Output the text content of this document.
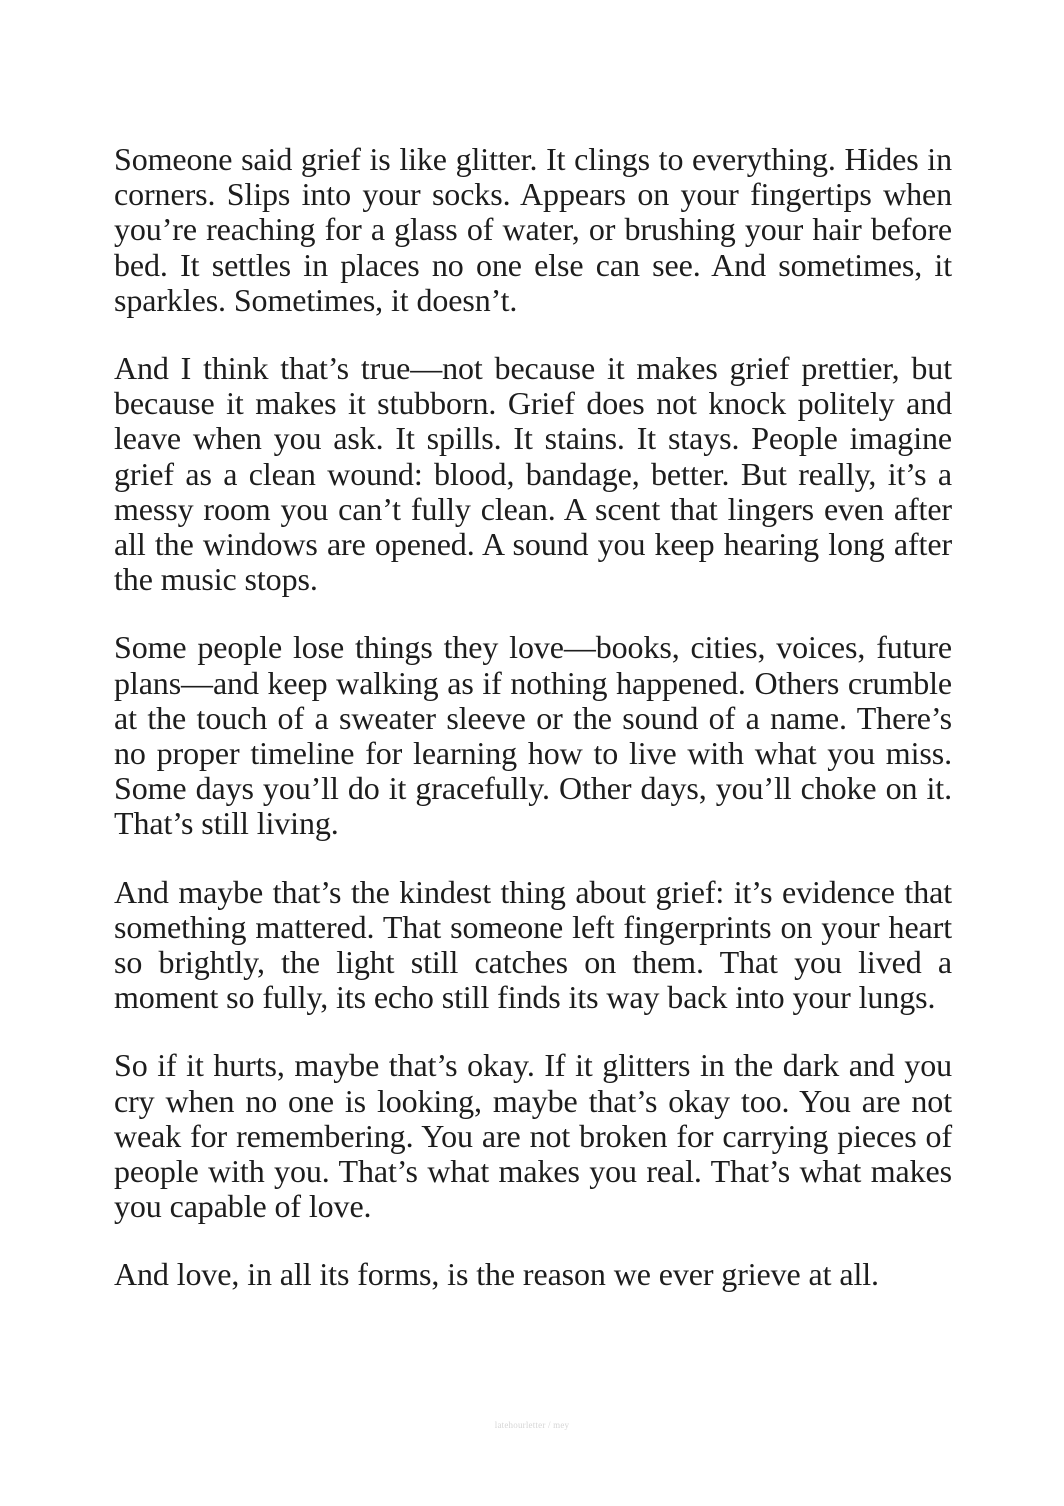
Someone said grief is like glitter. It clings to everything. Hides in corners. Slips into your socks. Appears on your fingertips when you’re reaching for a glass of water, or brushing your hair before bed. It settles in places no one else can see. And sometimes, it sparkles. Sometimes, it doesn’t.

And I think that’s true—not because it makes grief prettier, but because it makes it stubborn. Grief does not knock politely and leave when you ask. It spills. It stains. It stays. People imagine grief as a clean wound: blood, bandage, better. But really, it’s a messy room you can’t fully clean. A scent that lingers even after all the windows are opened. A sound you keep hearing long after the music stops.

Some people lose things they love—books, cities, voices, future plans—and keep walking as if nothing happened. Others crumble at the touch of a sweater sleeve or the sound of a name. There’s no proper timeline for learning how to live with what you miss. Some days you’ll do it gracefully. Other days, you’ll choke on it. That’s still living.

And maybe that’s the kindest thing about grief: it’s evidence that something mattered. That someone left fingerprints on your heart so brightly, the light still catches on them. That you lived a moment so fully, its echo still finds its way back into your lungs.

So if it hurts, maybe that’s okay. If it glitters in the dark and you cry when no one is looking, maybe that’s okay too. You are not weak for remembering. You are not broken for carrying pieces of people with you. That’s what makes you real. That’s what makes you capable of love.

And love, in all its forms, is the reason we ever grieve at all.

latehourletter / mey
